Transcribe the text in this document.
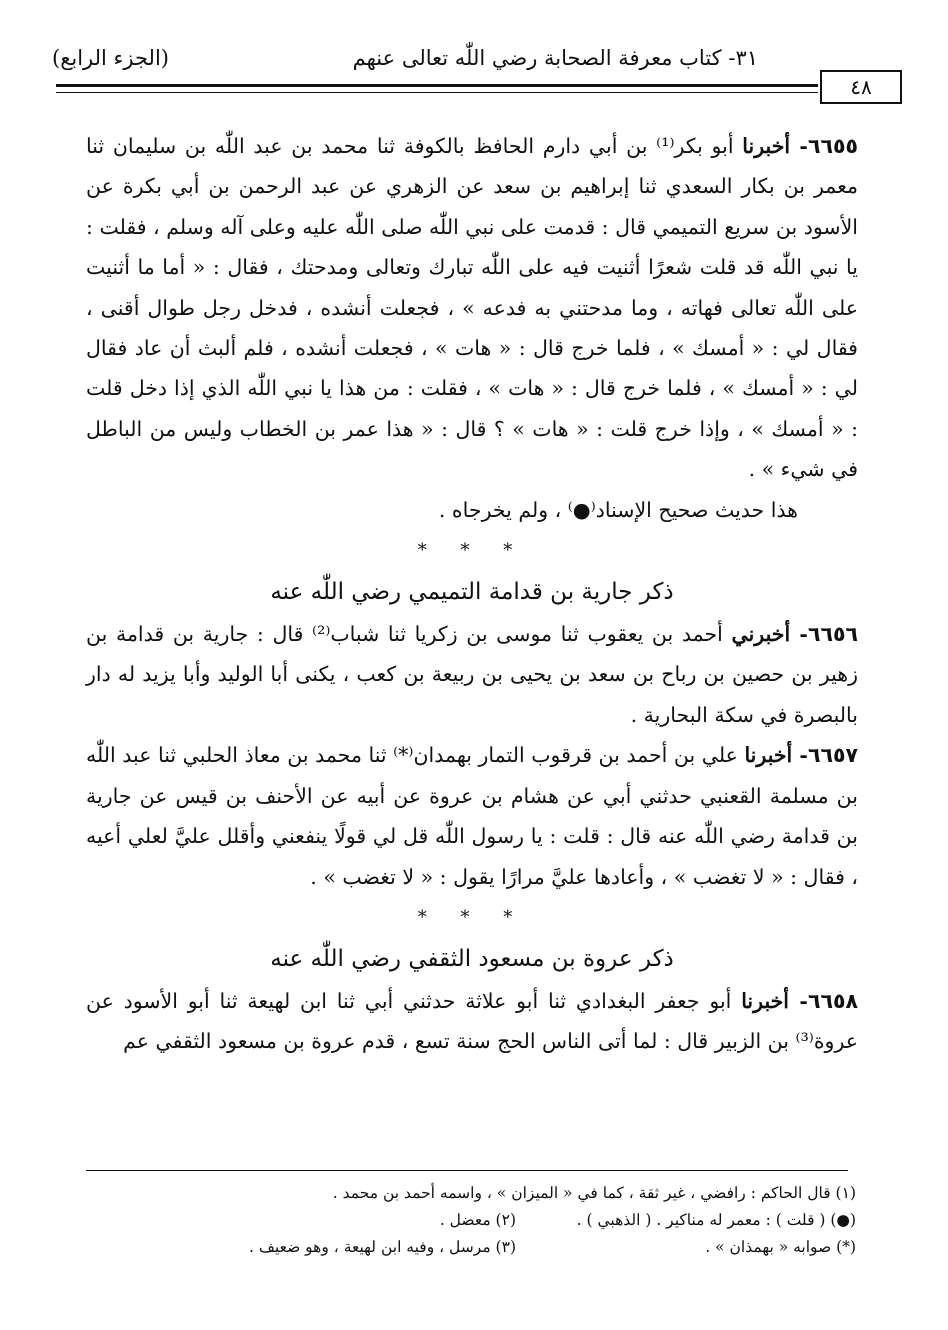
٣١- كتاب معرفة الصحابة رضي اللّٰه تعالى عنهم
(الجزء الرابع)
٤٨

٦٦٥٥- أخبرنا أبو بكر⁽¹⁾ بن أبي دارم الحافظ بالكوفة ثنا محمد بن عبد اللّٰه بن سليمان ثنا معمر بن بكار السعدي ثنا إبراهيم بن سعد عن الزهري عن عبد الرحمن بن أبي بكرة عن الأسود بن سريع التميمي قال : قدمت على نبي اللّٰه صلى اللّٰه عليه وعلى آله وسلم ، فقلت : يا نبي اللّٰه قد قلت شعرًا أثنيت فيه على اللّٰه تبارك وتعالى ومدحتك ، فقال : « أما ما أثنيت على اللّٰه تعالى فهاته ، وما مدحتني به فدعه » ، فجعلت أنشده ، فدخل رجل طوال أقنى ، فقال لي : « أمسك » ، فلما خرج قال : « هات » ، فجعلت أنشده ، فلم ألبث أن عاد فقال لي : « أمسك » ، فلما خرج قال : « هات » ، فقلت : من هذا يا نبي اللّٰه الذي إذا دخل قلت : « أمسك » ، وإذا خرج قلت : « هات » ؟ قال : « هذا عمر بن الخطاب وليس من الباطل في شيء » .

هذا حديث صحيح الإسناد⁽●⁾ ، ولم يخرجاه .

* * *
ذكر جارية بن قدامة التميمي رضي اللّٰه عنه

٦٦٥٦- أخبرني أحمد بن يعقوب ثنا موسى بن زكريا ثنا شباب⁽²⁾ قال : جارية بن قدامة بن زهير بن حصين بن رباح بن سعد بن يحيى بن ربيعة بن كعب ، يكنى أبا الوليد وأبا يزيد له دار بالبصرة في سكة البحارية .

٦٦٥٧- أخبرنا علي بن أحمد بن قرقوب التمار بهمدان⁽*⁾ ثنا محمد بن معاذ الحلبي ثنا عبد اللّٰه بن مسلمة القعنبي حدثني أبي عن هشام بن عروة عن أبيه عن الأحنف بن قيس عن جارية بن قدامة رضي اللّٰه عنه قال : قلت : يا رسول اللّٰه قل لي قولًا ينفعني وأقلل عليَّ لعلي أعيه ، فقال : « لا تغضب » ، وأعادها عليَّ مرارًا يقول : « لا تغضب » .

* * *
ذكر عروة بن مسعود الثقفي رضي اللّٰه عنه

٦٦٥٨- أخبرنا أبو جعفر البغدادي ثنا أبو علاثة حدثني أبي ثنا ابن لهيعة ثنا أبو الأسود عن عروة⁽³⁾ بن الزبير قال : لما أتى الناس الحج سنة تسع ، قدم عروة بن مسعود الثقفي عم

(١) قال الحاكم : رافضي ، غير ثقة ، كما في « الميزان » ، واسمه أحمد بن محمد .
(●) ( قلت ) : معمر له مناكير . ( الذهبي ) .
(٢) معضل .
(*) صوابه « بهمذان » .
(٣) مرسل ، وفيه ابن لهيعة ، وهو ضعيف .
